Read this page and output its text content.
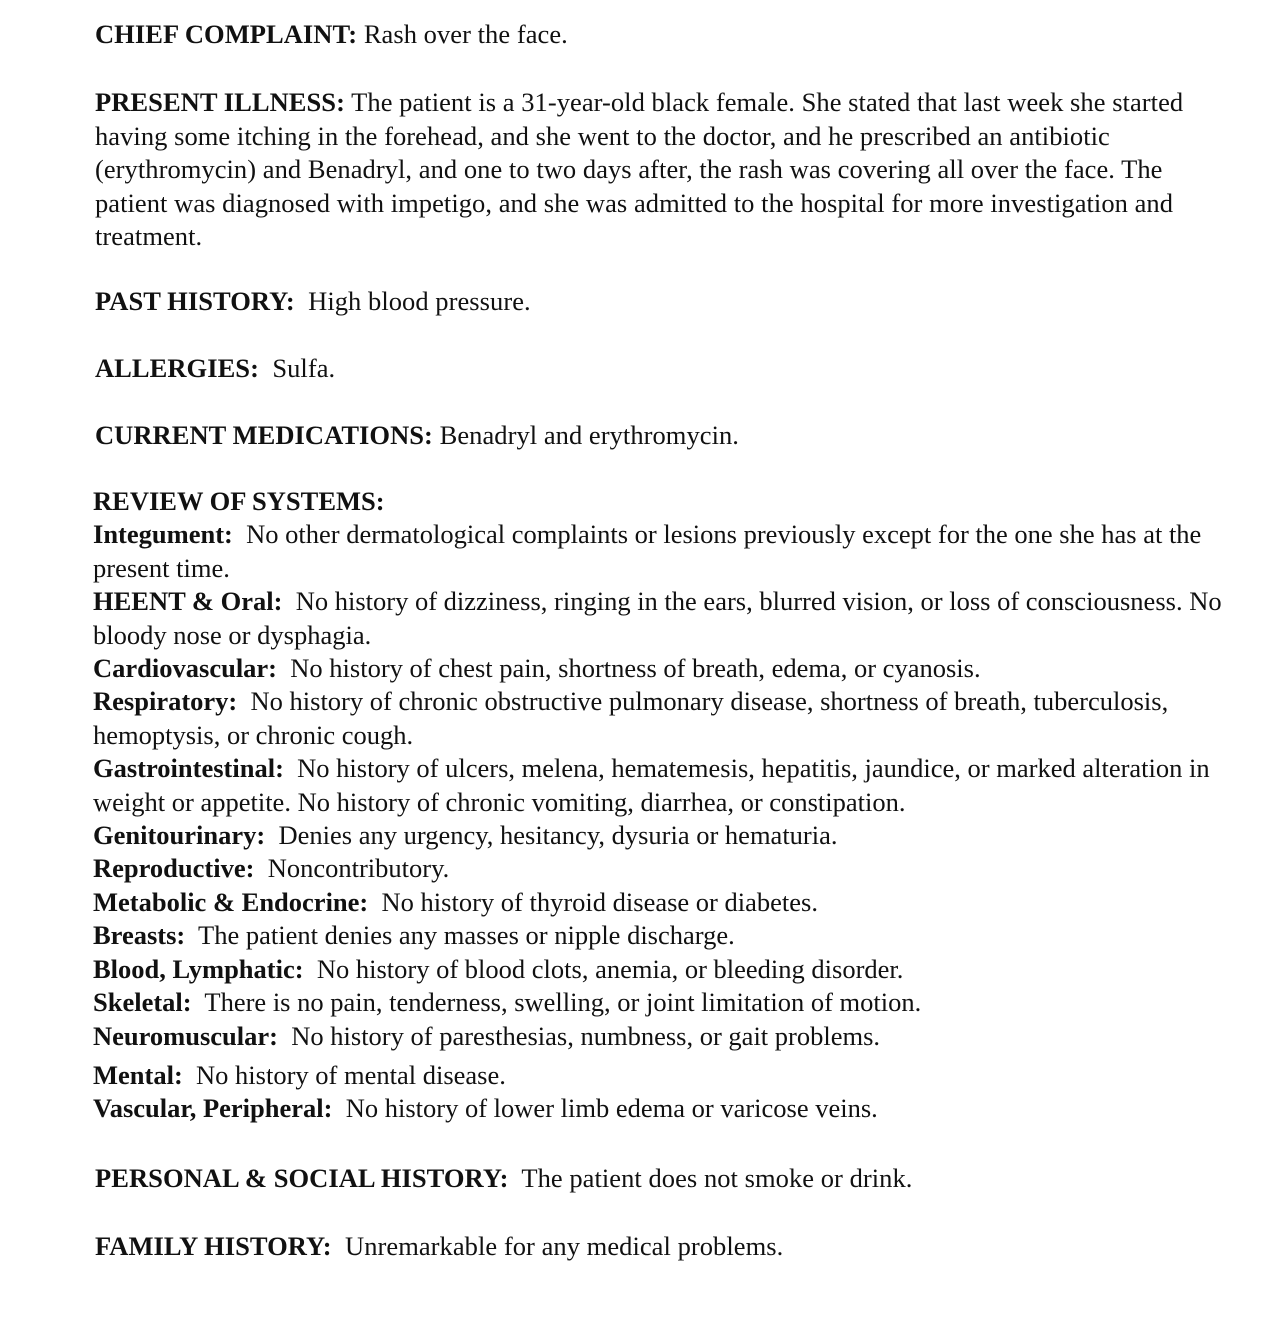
CHIEF COMPLAINT: Rash over the face.

PRESENT ILLNESS: The patient is a 31-year-old black female. She stated that last week she started having some itching in the forehead, and she went to the doctor, and he prescribed an antibiotic (erythromycin) and Benadryl, and one to two days after, the rash was covering all over the face. The patient was diagnosed with impetigo, and she was admitted to the hospital for more investigation and treatment.

PAST HISTORY: High blood pressure.

ALLERGIES: Sulfa.

CURRENT MEDICATIONS: Benadryl and erythromycin.

REVIEW OF SYSTEMS:

Integument: No other dermatological complaints or lesions previously except for the one she has at the present time.

HEENT & Oral: No history of dizziness, ringing in the ears, blurred vision, or loss of consciousness. No bloody nose or dysphagia.

Cardiovascular: No history of chest pain, shortness of breath, edema, or cyanosis.

Respiratory: No history of chronic obstructive pulmonary disease, shortness of breath, tuberculosis, hemoptysis, or chronic cough.

Gastrointestinal: No history of ulcers, melena, hematemesis, hepatitis, jaundice, or marked alteration in weight or appetite. No history of chronic vomiting, diarrhea, or constipation.

Genitourinary: Denies any urgency, hesitancy, dysuria or hematuria.

Reproductive: Noncontributory.

Metabolic & Endocrine: No history of thyroid disease or diabetes.

Breasts: The patient denies any masses or nipple discharge.

Blood, Lymphatic: No history of blood clots, anemia, or bleeding disorder.

Skeletal: There is no pain, tenderness, swelling, or joint limitation of motion.

Neuromuscular: No history of paresthesias, numbness, or gait problems.

Mental: No history of mental disease.

Vascular, Peripheral: No history of lower limb edema or varicose veins.

PERSONAL & SOCIAL HISTORY: The patient does not smoke or drink.

FAMILY HISTORY: Unremarkable for any medical problems.
